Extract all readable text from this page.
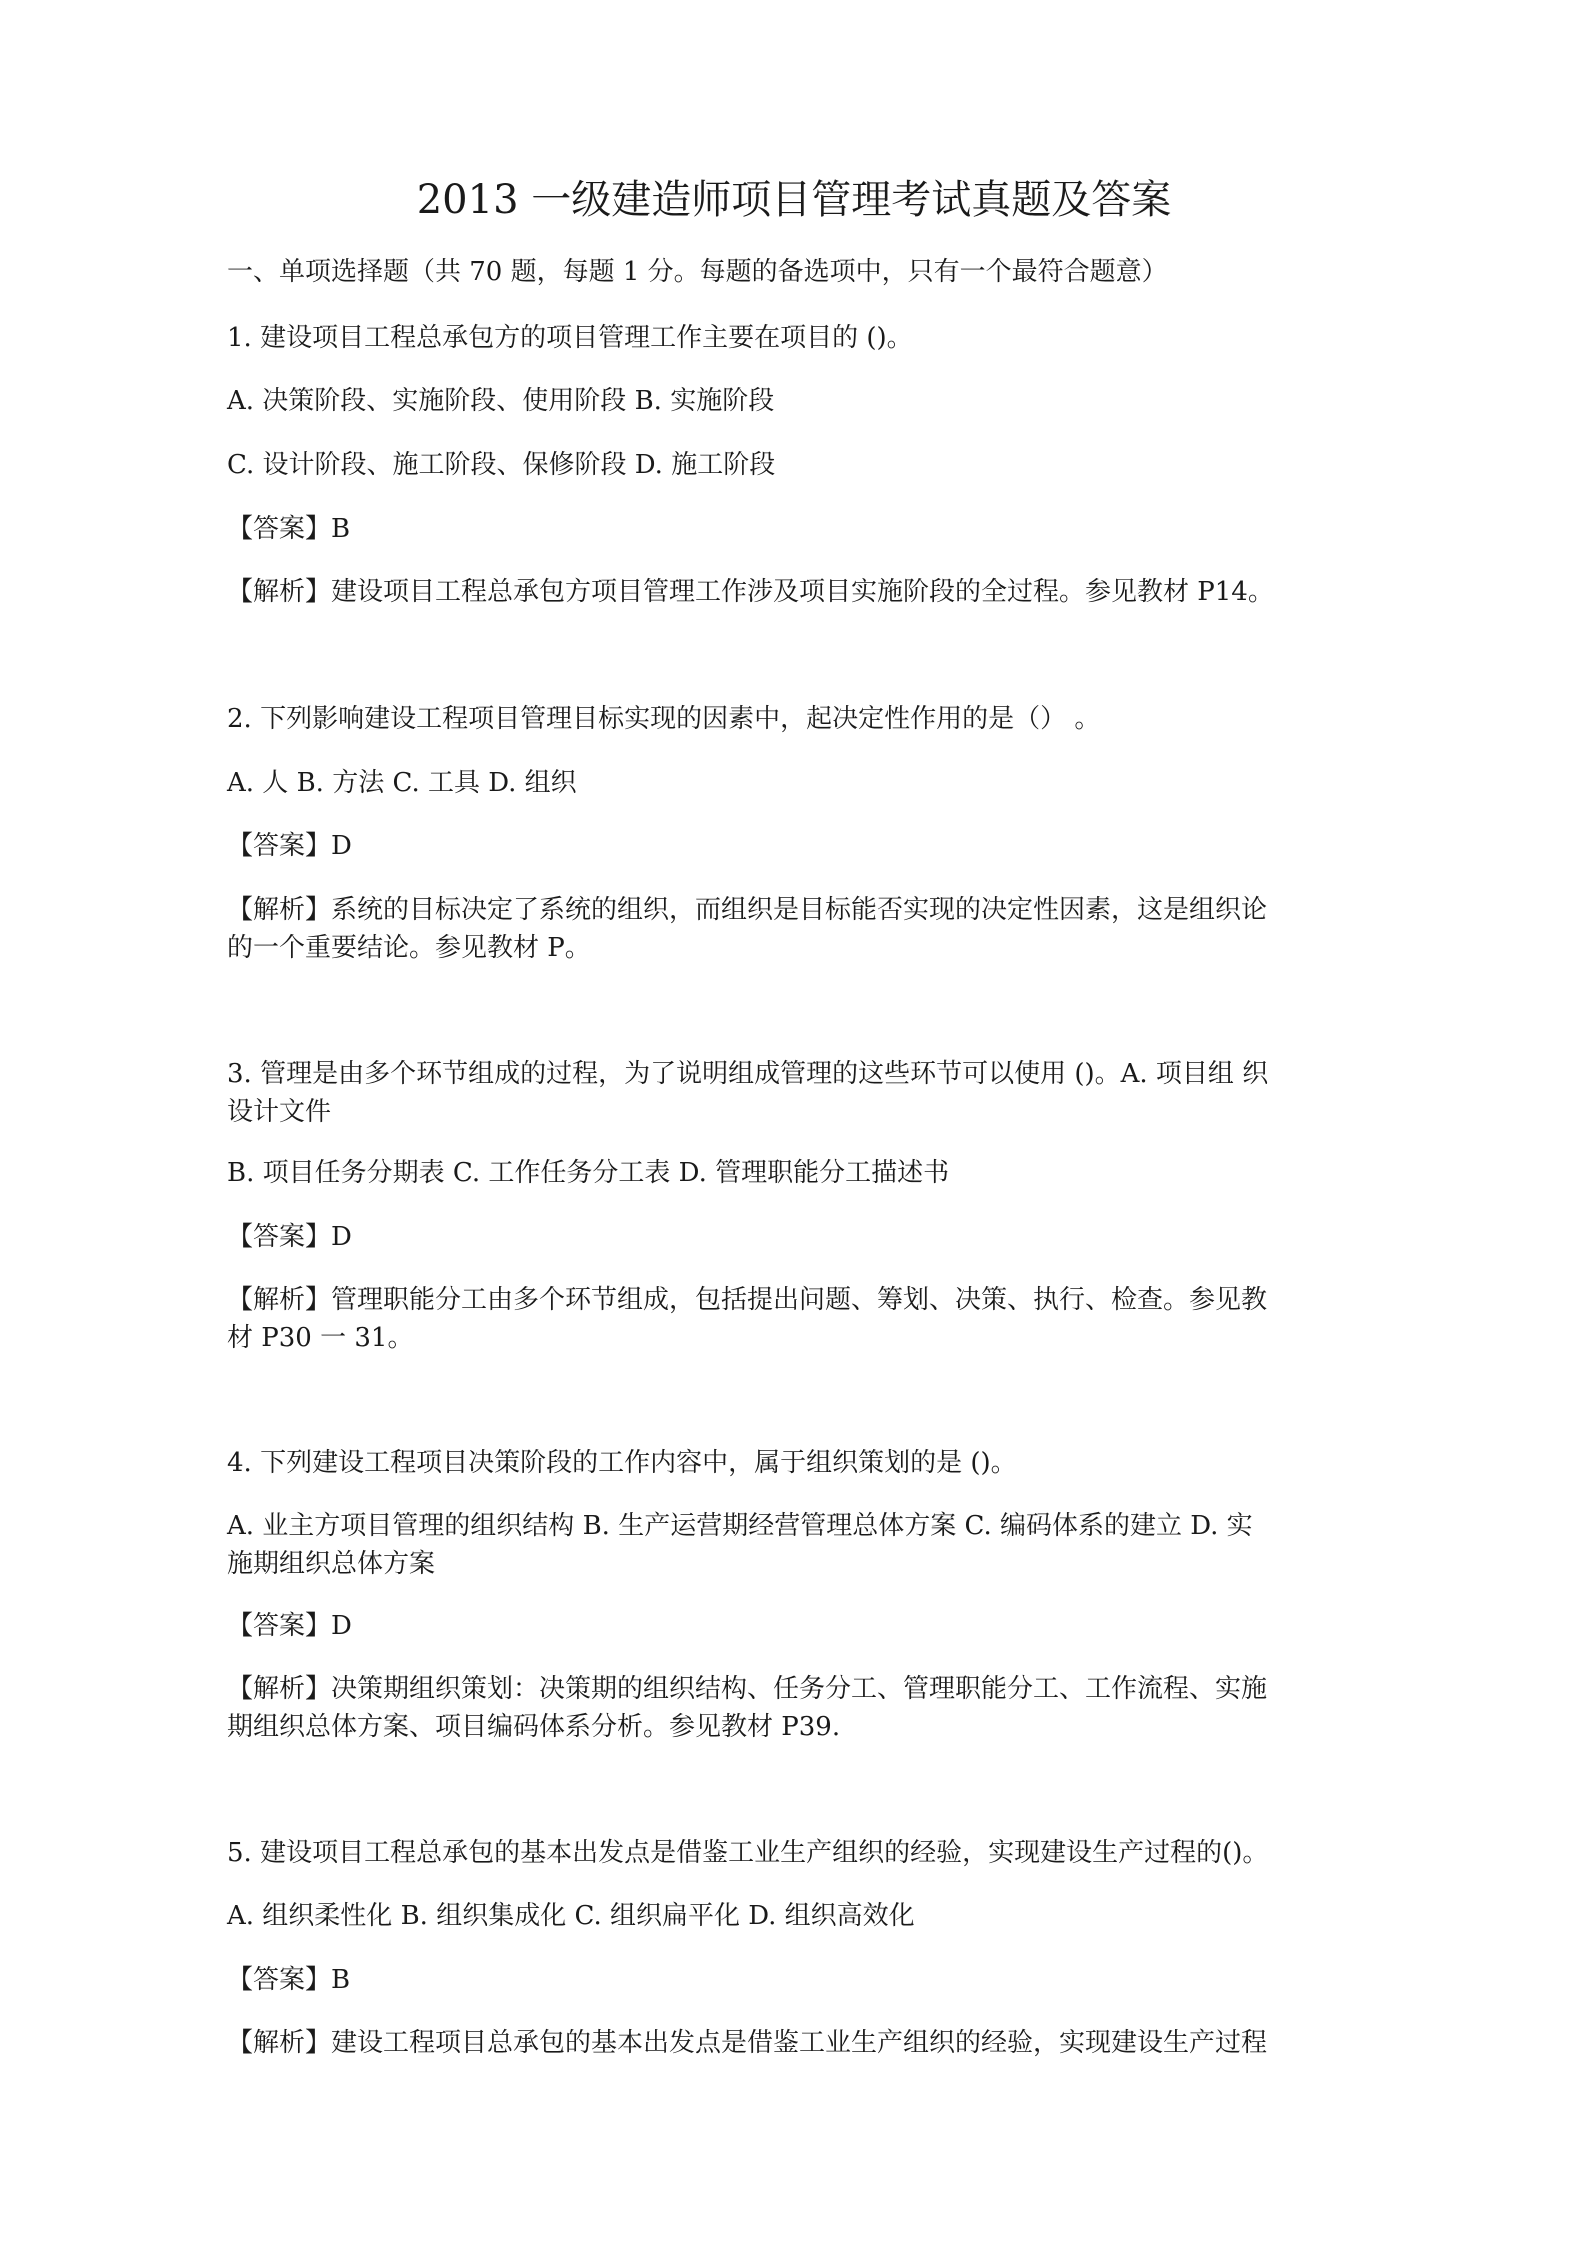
2013 一级建造师项目管理考试真题及答案
一、单项选择题（共 70 题，每题 1 分。每题的备选项中，只有一个最符合题意）
1. 建设项目工程总承包方的项目管理工作主要在项目的 ()。
A. 决策阶段、实施阶段、使用阶段 B. 实施阶段
C. 设计阶段、施工阶段、保修阶段 D. 施工阶段
【答案】B
【解析】建设项目工程总承包方项目管理工作涉及项目实施阶段的全过程。参见教材 P14。
2. 下列影响建设工程项目管理目标实现的因素中，起决定性作用的是（） 。
A. 人 B. 方法 C. 工具 D. 组织
【答案】D
【解析】系统的目标决定了系统的组织，而组织是目标能否实现的决定性因素，这是组织论
的一个重要结论。参见教材 P。
3. 管理是由多个环节组成的过程，为了说明组成管理的这些环节可以使用 ()。A. 项目组 织
设计文件
B. 项目任务分期表 C. 工作任务分工表 D. 管理职能分工描述书
【答案】D
【解析】管理职能分工由多个环节组成，包括提出问题、筹划、决策、执行、检查。参见教
材 P30 一 31。
4. 下列建设工程项目决策阶段的工作内容中，属于组织策划的是 ()。
A. 业主方项目管理的组织结构 B. 生产运营期经营管理总体方案 C. 编码体系的建立 D. 实
施期组织总体方案
【答案】D
【解析】决策期组织策划：决策期的组织结构、任务分工、管理职能分工、工作流程、实施
期组织总体方案、项目编码体系分析。参见教材 P39.
5. 建设项目工程总承包的基本出发点是借鉴工业生产组织的经验，实现建设生产过程的()。
A. 组织柔性化 B. 组织集成化 C. 组织扁平化 D. 组织高效化
【答案】B
【解析】建设工程项目总承包的基本出发点是借鉴工业生产组织的经验，实现建设生产过程
